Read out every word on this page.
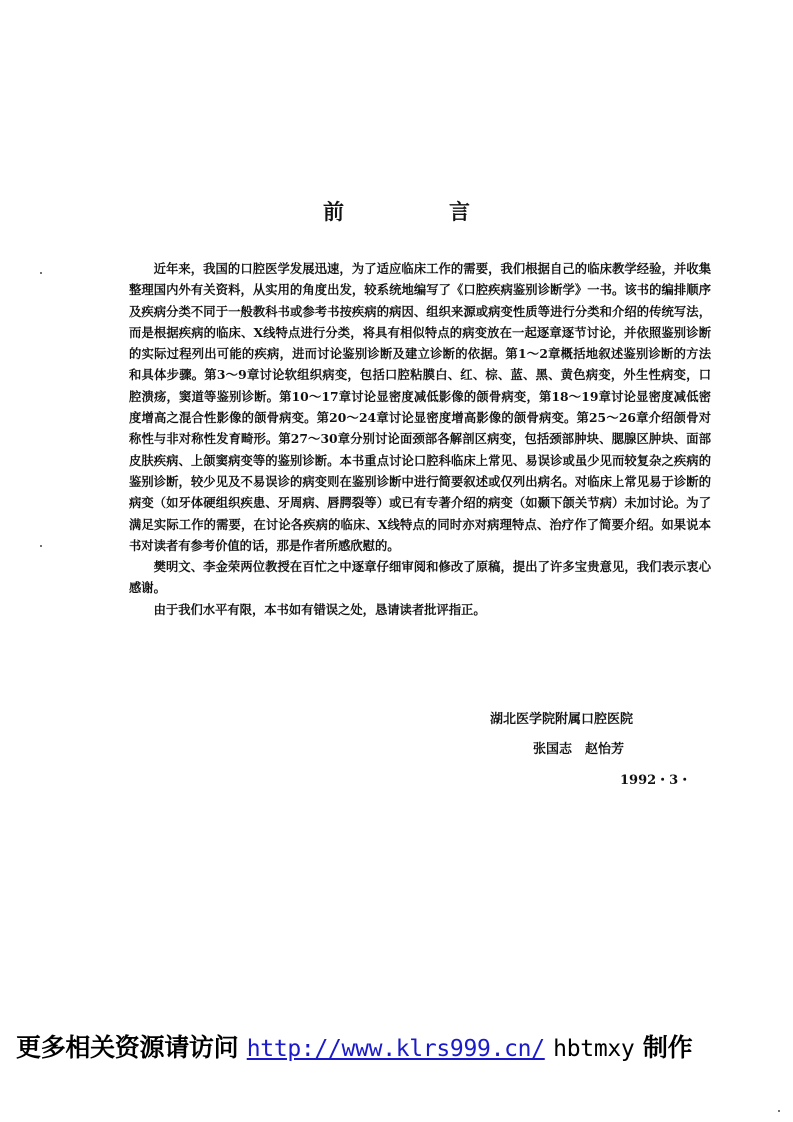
前　言

近年来，我国的口腔医学发展迅速，为了适应临床工作的需要，我们根据自己的临床教学经验，并收集整理国内外有关资料，从实用的角度出发，较系统地编写了《口腔疾病鉴别诊断学》一书。该书的编排顺序及疾病分类不同于一般教科书或参考书按疾病的病因、组织来源或病变性质等进行分类和介绍的传统写法，而是根据疾病的临床、X线特点进行分类，将具有相似特点的病变放在一起逐章逐节讨论，并依照鉴别诊断的实际过程列出可能的疾病，进而讨论鉴别诊断及建立诊断的依据。第1～2章概括地叙述鉴别诊断的方法和具体步骤。第3～9章讨论软组织病变，包括口腔粘膜白、红、棕、蓝、黑、黄色病变，外生性病变，口腔溃疡，窦道等鉴别诊断。第10～17章讨论显密度减低影像的颌骨病变，第18～19章讨论显密度减低密度增高之混合性影像的颌骨病变。第20～24章讨论显密度增高影像的颌骨病变。第25～26章介绍颌骨对称性与非对称性发育畸形。第27～30章分别讨论面颈部各解剖区病变，包括颈部肿块、腮腺区肿块、面部皮肤疾病、上颌窦病变等的鉴别诊断。本书重点讨论口腔科临床上常见、易误诊或虽少见而较复杂之疾病的鉴别诊断，较少见及不易误诊的病变则在鉴别诊断中进行简要叙述或仅列出病名。对临床上常见易于诊断的病变（如牙体硬组织疾患、牙周病、唇腭裂等）或已有专著介绍的病变（如颞下颌关节病）未加讨论。为了满足实际工作的需要，在讨论各疾病的临床、X线特点的同时亦对病理特点、治疗作了简要介绍。如果说本书对读者有参考价值的话，那是作者所感欣慰的。

樊明文、李金荣两位教授在百忙之中逐章仔细审阅和修改了原稿，提出了许多宝贵意见，我们表示衷心感谢。

由于我们水平有限，本书如有错误之处，恳请读者批评指正。

湖北医学院附属口腔医院
张国志　赵怡芳
1992・3・
更多相关资源请访问 http://www.klrs999.cn/ hbtmxy 制作
